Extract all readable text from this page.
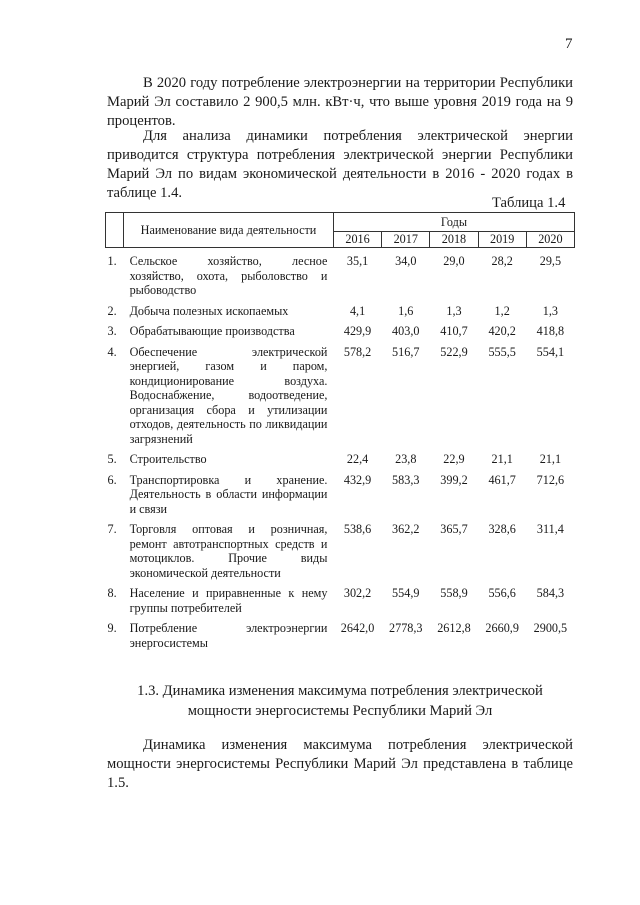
7

В 2020 году потребление электроэнергии на территории Республики Марий Эл составило 2 900,5 млн. кВт·ч, что выше уровня 2019 года на 9 процентов.

Для анализа динамики потребления электрической энергии приводится структура потребления электрической энергии Республики Марий Эл по видам экономической деятельности в 2016 - 2020 годах в таблице 1.4.

Таблица 1.4
	Наименование вида деятельности	Годы				
		2016	2017	2018	2019	2020
1.	Сельское хозяйство, лесное хозяйство, охота, рыболовство и рыбоводство	35,1	34,0	29,0	28,2	29,5
2.	Добыча полезных ископаемых	4,1	1,6	1,3	1,2	1,3
3.	Обрабатывающие производства	429,9	403,0	410,7	420,2	418,8
4.	Обеспечение электрической энергией, газом и паром, кондиционирование воздуха. Водоснабжение, водоотведение, организация сбора и утилизации отходов, деятельность по ликвидации загрязнений	578,2	516,7	522,9	555,5	554,1
5.	Строительство	22,4	23,8	22,9	21,1	21,1
6.	Транспортировка и хранение. Деятельность в области информации и связи	432,9	583,3	399,2	461,7	712,6
7.	Торговля оптовая и розничная, ремонт автотранспортных средств и мотоциклов. Прочие виды экономической деятельности	538,6	362,2	365,7	328,6	311,4
8.	Население и приравненные к нему группы потребителей	302,2	554,9	558,9	556,6	584,3
9.	Потребление электроэнергии энергосистемы	2642,0	2778,3	2612,8	2660,9	2900,5

1.3. Динамика изменения максимума потребления электрической мощности энергосистемы Республики Марий Эл

Динамика изменения максимума потребления электрической мощности энергосистемы Республики Марий Эл представлена в таблице 1.5.
